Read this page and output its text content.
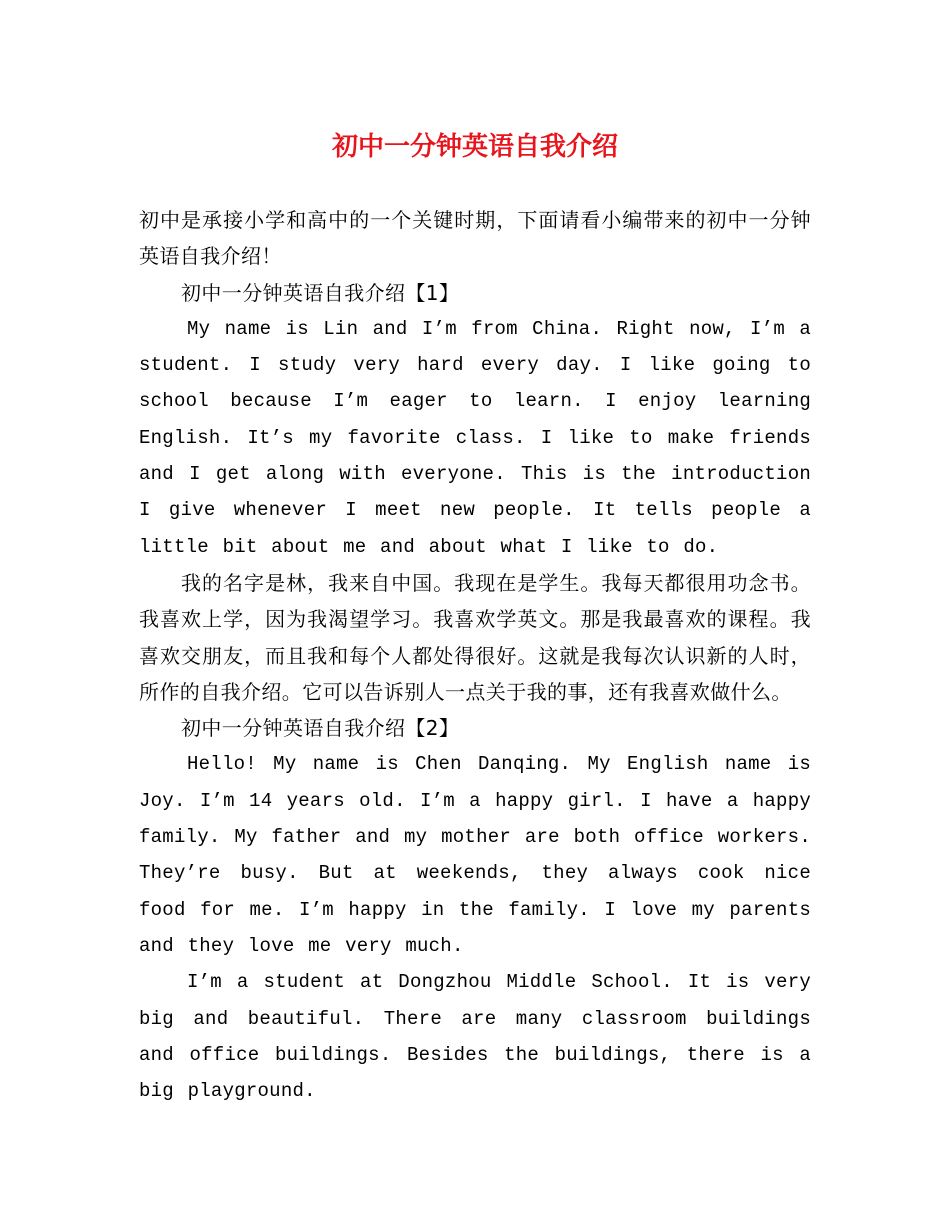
初中一分钟英语自我介绍

初中是承接小学和高中的一个关键时期，下面请看小编带来的初中一分钟英语自我介绍！

初中一分钟英语自我介绍【1】

My name is Lin and I’m from China. Right now, I’m a student. I study very hard every day. I like going to school because I’m eager to learn. I enjoy learning English. It’s my favorite class. I like to make friends and I get along with everyone. This is the introduction I give whenever I meet new people. It tells people a little bit about me and about what I like to do.

我的名字是林，我来自中国。我现在是学生。我每天都很用功念书。我喜欢上学，因为我渴望学习。我喜欢学英文。那是我最喜欢的课程。我喜欢交朋友，而且我和每个人都处得很好。这就是我每次认识新的人时，所作的自我介绍。它可以告诉别人一点关于我的事，还有我喜欢做什么。

初中一分钟英语自我介绍【2】

Hello! My name is Chen Danqing. My English name is Joy. I’m 14 years old. I’m a happy girl. I have a happy family. My father and my mother are both office workers. They’re busy. But at weekends, they always cook nice food for me. I’m happy in the family. I love my parents and they love me very much.

I’m a student at Dongzhou Middle School. It is very big and beautiful. There are many classroom buildings and office buildings. Besides the buildings, there is a big playground.
